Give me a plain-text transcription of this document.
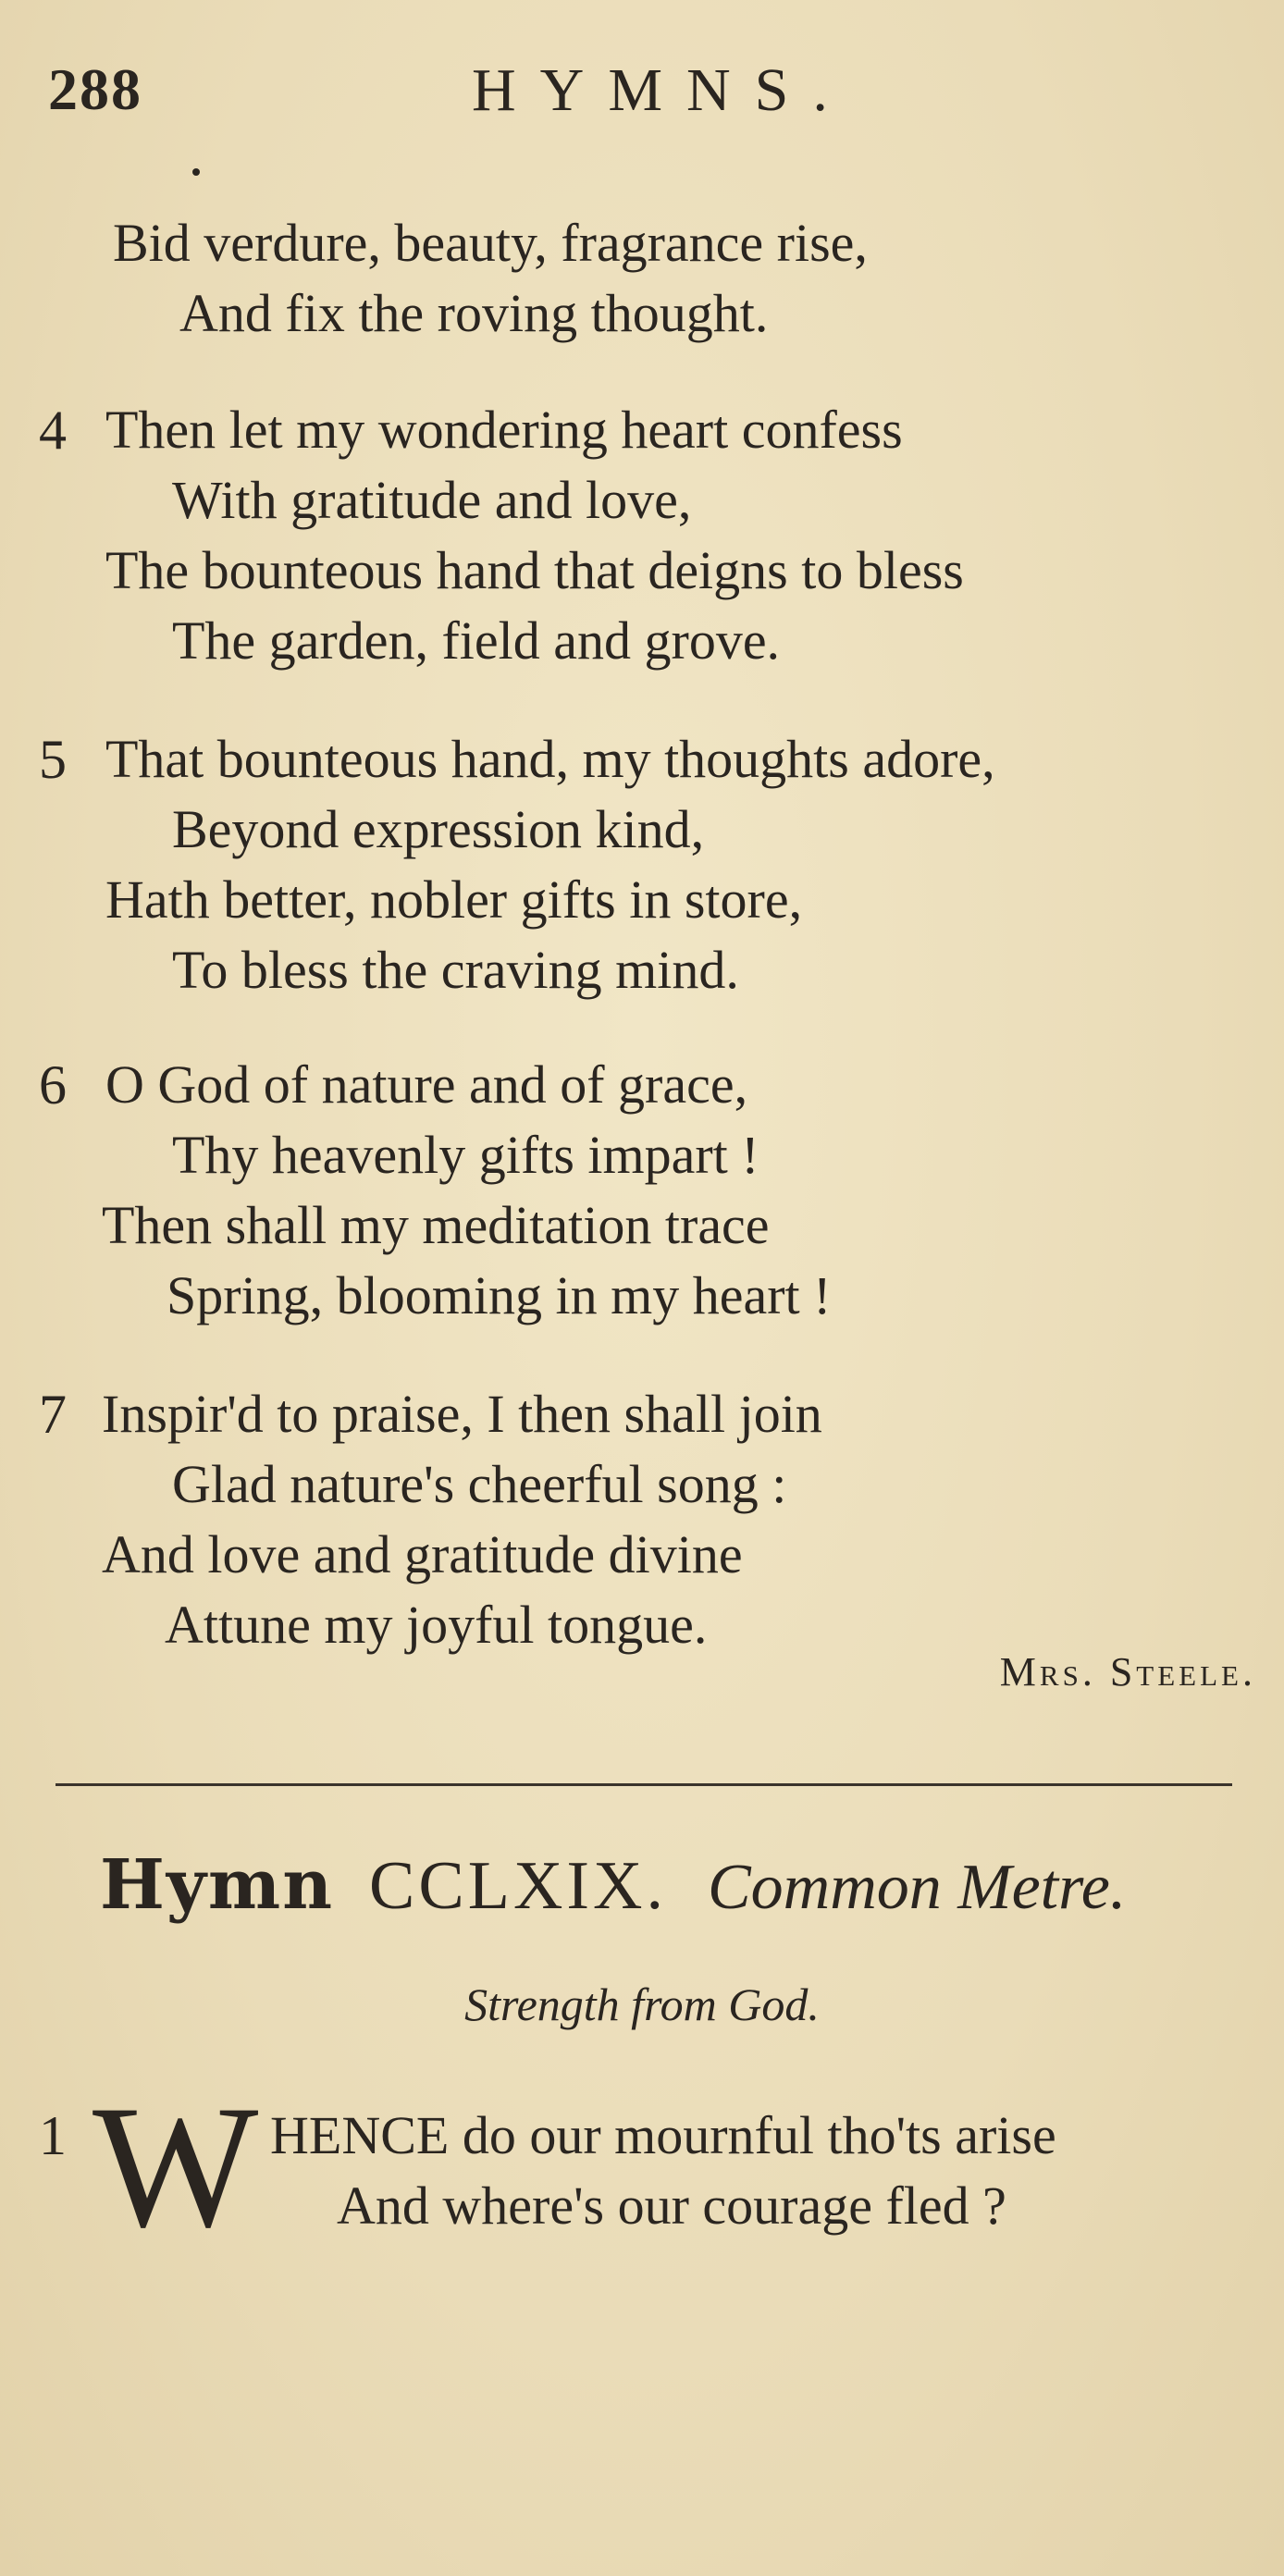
288	HYMNS.
Bid verdure, beauty, fragrance rise,
And fix the roving thought.
4 Then let my wondering heart confess
With gratitude and love,
The bounteous hand that deigns to bless
The garden, field and grove.
5 That bounteous hand, my thoughts adore,
Beyond expression kind,
Hath better, nobler gifts in store,
To bless the craving mind.
6 O God of nature and of grace,
Thy heavenly gifts impart !
Then shall my meditation trace
Spring, blooming in my heart !
7 Inspir'd to praise, I then shall join
Glad nature's cheerful song :
And love and gratitude divine
Attune my joyful tongue.
Mrs. Steele.
Hymn CCLXIX. Common Metre.
Strength from God.
1 W HENCE do our mournful tho'ts arise
And where's our courage fled ?
